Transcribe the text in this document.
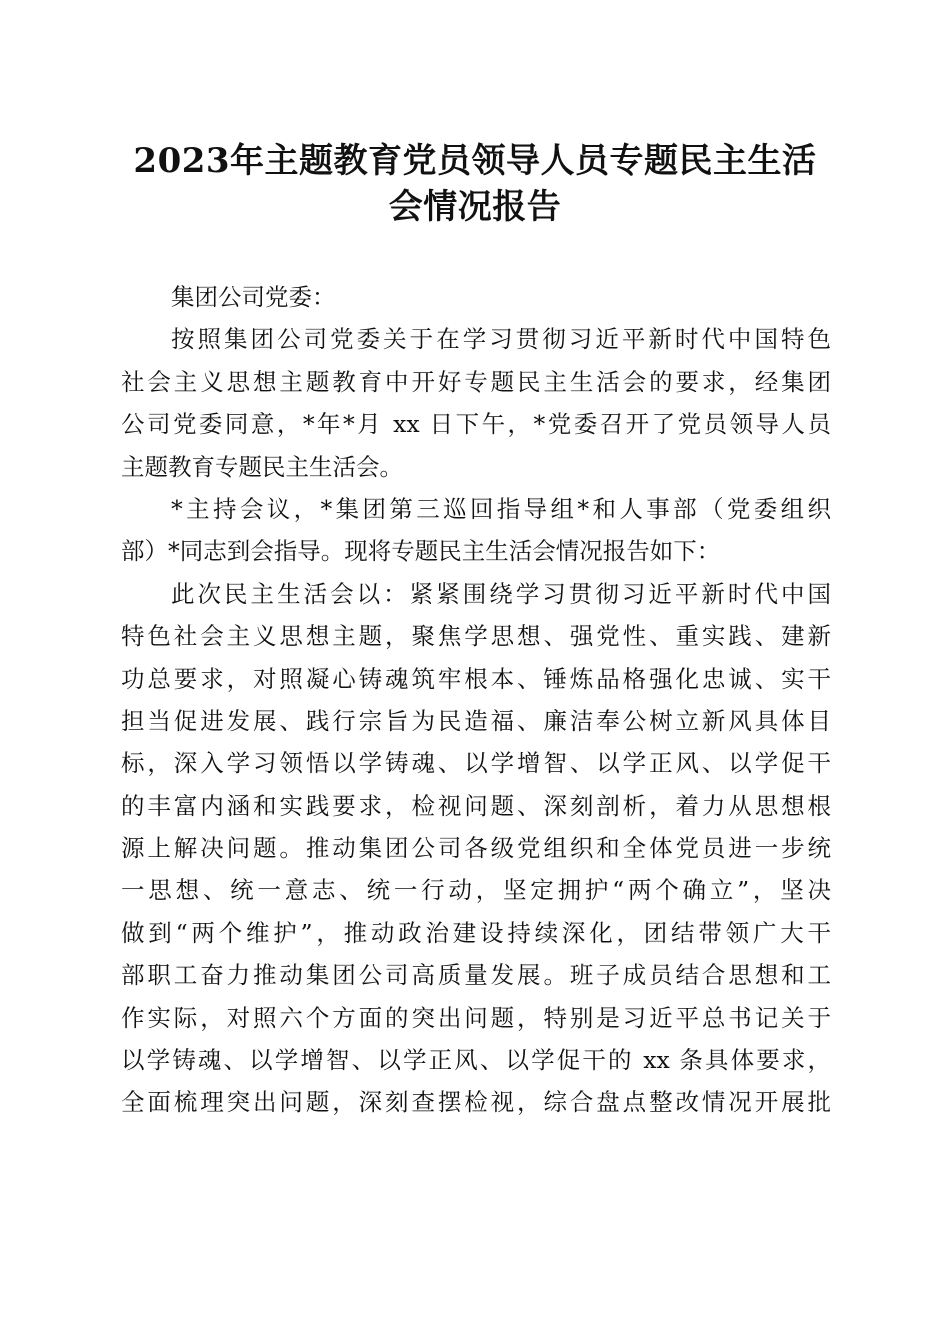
2023年主题教育党员领导人员专题民主生活
会情况报告
集团公司党委：
按照集团公司党委关于在学习贯彻习近平新时代中国特色
社会主义思想主题教育中开好专题民主生活会的要求，经集团
公司党委同意，*年*月 xx 日下午，*党委召开了党员领导人员
主题教育专题民主生活会。
*主持会议，*集团第三巡回指导组*和人事部（党委组织
部）*同志到会指导。现将专题民主生活会情况报告如下：
此次民主生活会以：紧紧围绕学习贯彻习近平新时代中国
特色社会主义思想主题，聚焦学思想、强党性、重实践、建新
功总要求，对照凝心铸魂筑牢根本、锤炼品格强化忠诚、实干
担当促进发展、践行宗旨为民造福、廉洁奉公树立新风具体目
标，深入学习领悟以学铸魂、以学增智、以学正风、以学促干
的丰富内涵和实践要求，检视问题、深刻剖析，着力从思想根
源上解决问题。推动集团公司各级党组织和全体党员进一步统
一思想、统一意志、统一行动，坚定拥护“两个确立”，坚决
做到“两个维护”，推动政治建设持续深化，团结带领广大干
部职工奋力推动集团公司高质量发展。班子成员结合思想和工
作实际，对照六个方面的突出问题，特别是习近平总书记关于
以学铸魂、以学增智、以学正风、以学促干的 xx 条具体要求，
全面梳理突出问题，深刻查摆检视，综合盘点整改情况开展批
